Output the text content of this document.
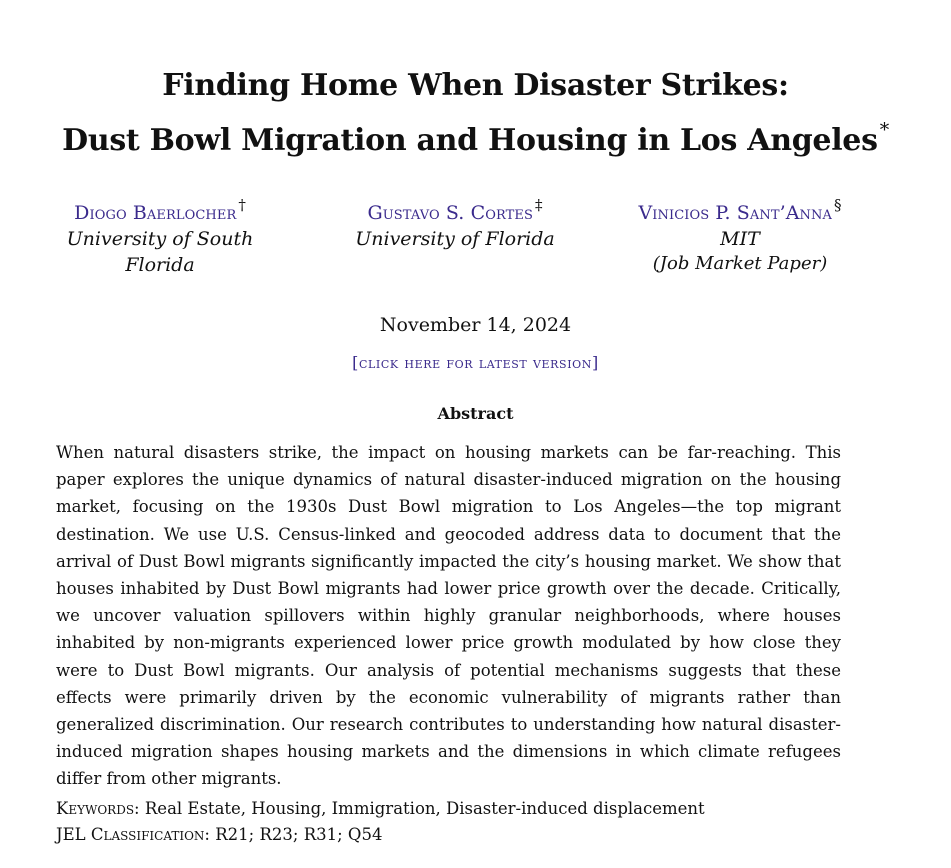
Finding Home When Disaster Strikes:
Dust Bowl Migration and Housing in Los Angeles *
Diogo Baerlocher †
University of South Florida
Gustavo S. Cortes ‡
University of Florida
Vinicios P. Sant’Anna §
MIT
(Job Market Paper)
November 14, 2024
[click here for latest version]
Abstract
When natural disasters strike, the impact on housing markets can be far-reaching. This paper explores the unique dynamics of natural disaster-induced migration on the housing market, focusing on the 1930s Dust Bowl migration to Los Angeles—the top migrant destination. We use U.S. Census-linked and geocoded address data to document that the arrival of Dust Bowl migrants significantly impacted the city’s housing market. We show that houses inhabited by Dust Bowl migrants had lower price growth over the decade. Critically, we uncover valuation spillovers within highly granular neighborhoods, where houses inhabited by non-migrants experienced lower price growth modulated by how close they were to Dust Bowl migrants. Our analysis of potential mechanisms suggests that these effects were primarily driven by the economic vulnerability of migrants rather than generalized discrimination. Our research contributes to understanding how natural disaster-induced migration shapes housing markets and the dimensions in which climate refugees differ from other migrants.
Keywords: Real Estate, Housing, Immigration, Disaster-induced displacement
JEL Classification: R21; R23; R31; Q54
